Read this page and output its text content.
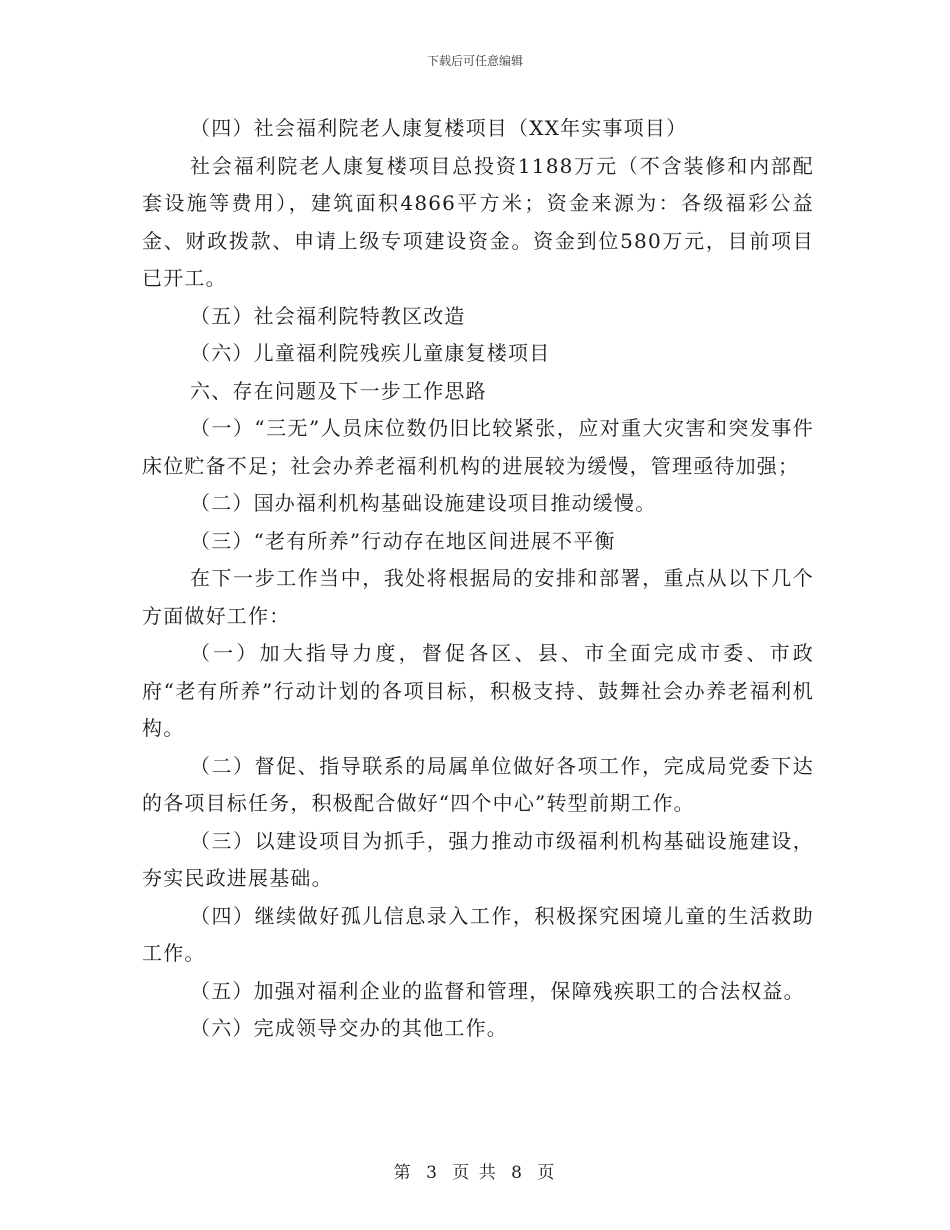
下载后可任意编辑

（四）社会福利院老人康复楼项目（XX年实事项目）

社会福利院老人康复楼项目总投资1188万元（不含装修和内部配套设施等费用），建筑面积4866平方米；资金来源为：各级福彩公益金、财政拨款、申请上级专项建设资金。资金到位580万元，目前项目已开工。

（五）社会福利院特教区改造

（六）儿童福利院残疾儿童康复楼项目

六、存在问题及下一步工作思路

（一）“三无”人员床位数仍旧比较紧张，应对重大灾害和突发事件床位贮备不足；社会办养老福利机构的进展较为缓慢，管理亟待加强；

（二）国办福利机构基础设施建设项目推动缓慢。

（三）“老有所养”行动存在地区间进展不平衡

在下一步工作当中，我处将根据局的安排和部署，重点从以下几个方面做好工作：

（一）加大指导力度，督促各区、县、市全面完成市委、市政府“老有所养”行动计划的各项目标，积极支持、鼓舞社会办养老福利机构。

（二）督促、指导联系的局属单位做好各项工作，完成局党委下达的各项目标任务，积极配合做好“四个中心”转型前期工作。

（三）以建设项目为抓手，强力推动市级福利机构基础设施建设，夯实民政进展基础。

（四）继续做好孤儿信息录入工作，积极探究困境儿童的生活救助工作。

（五）加强对福利企业的监督和管理，保障残疾职工的合法权益。

（六）完成领导交办的其他工作。

第 3 页 共 8 页
